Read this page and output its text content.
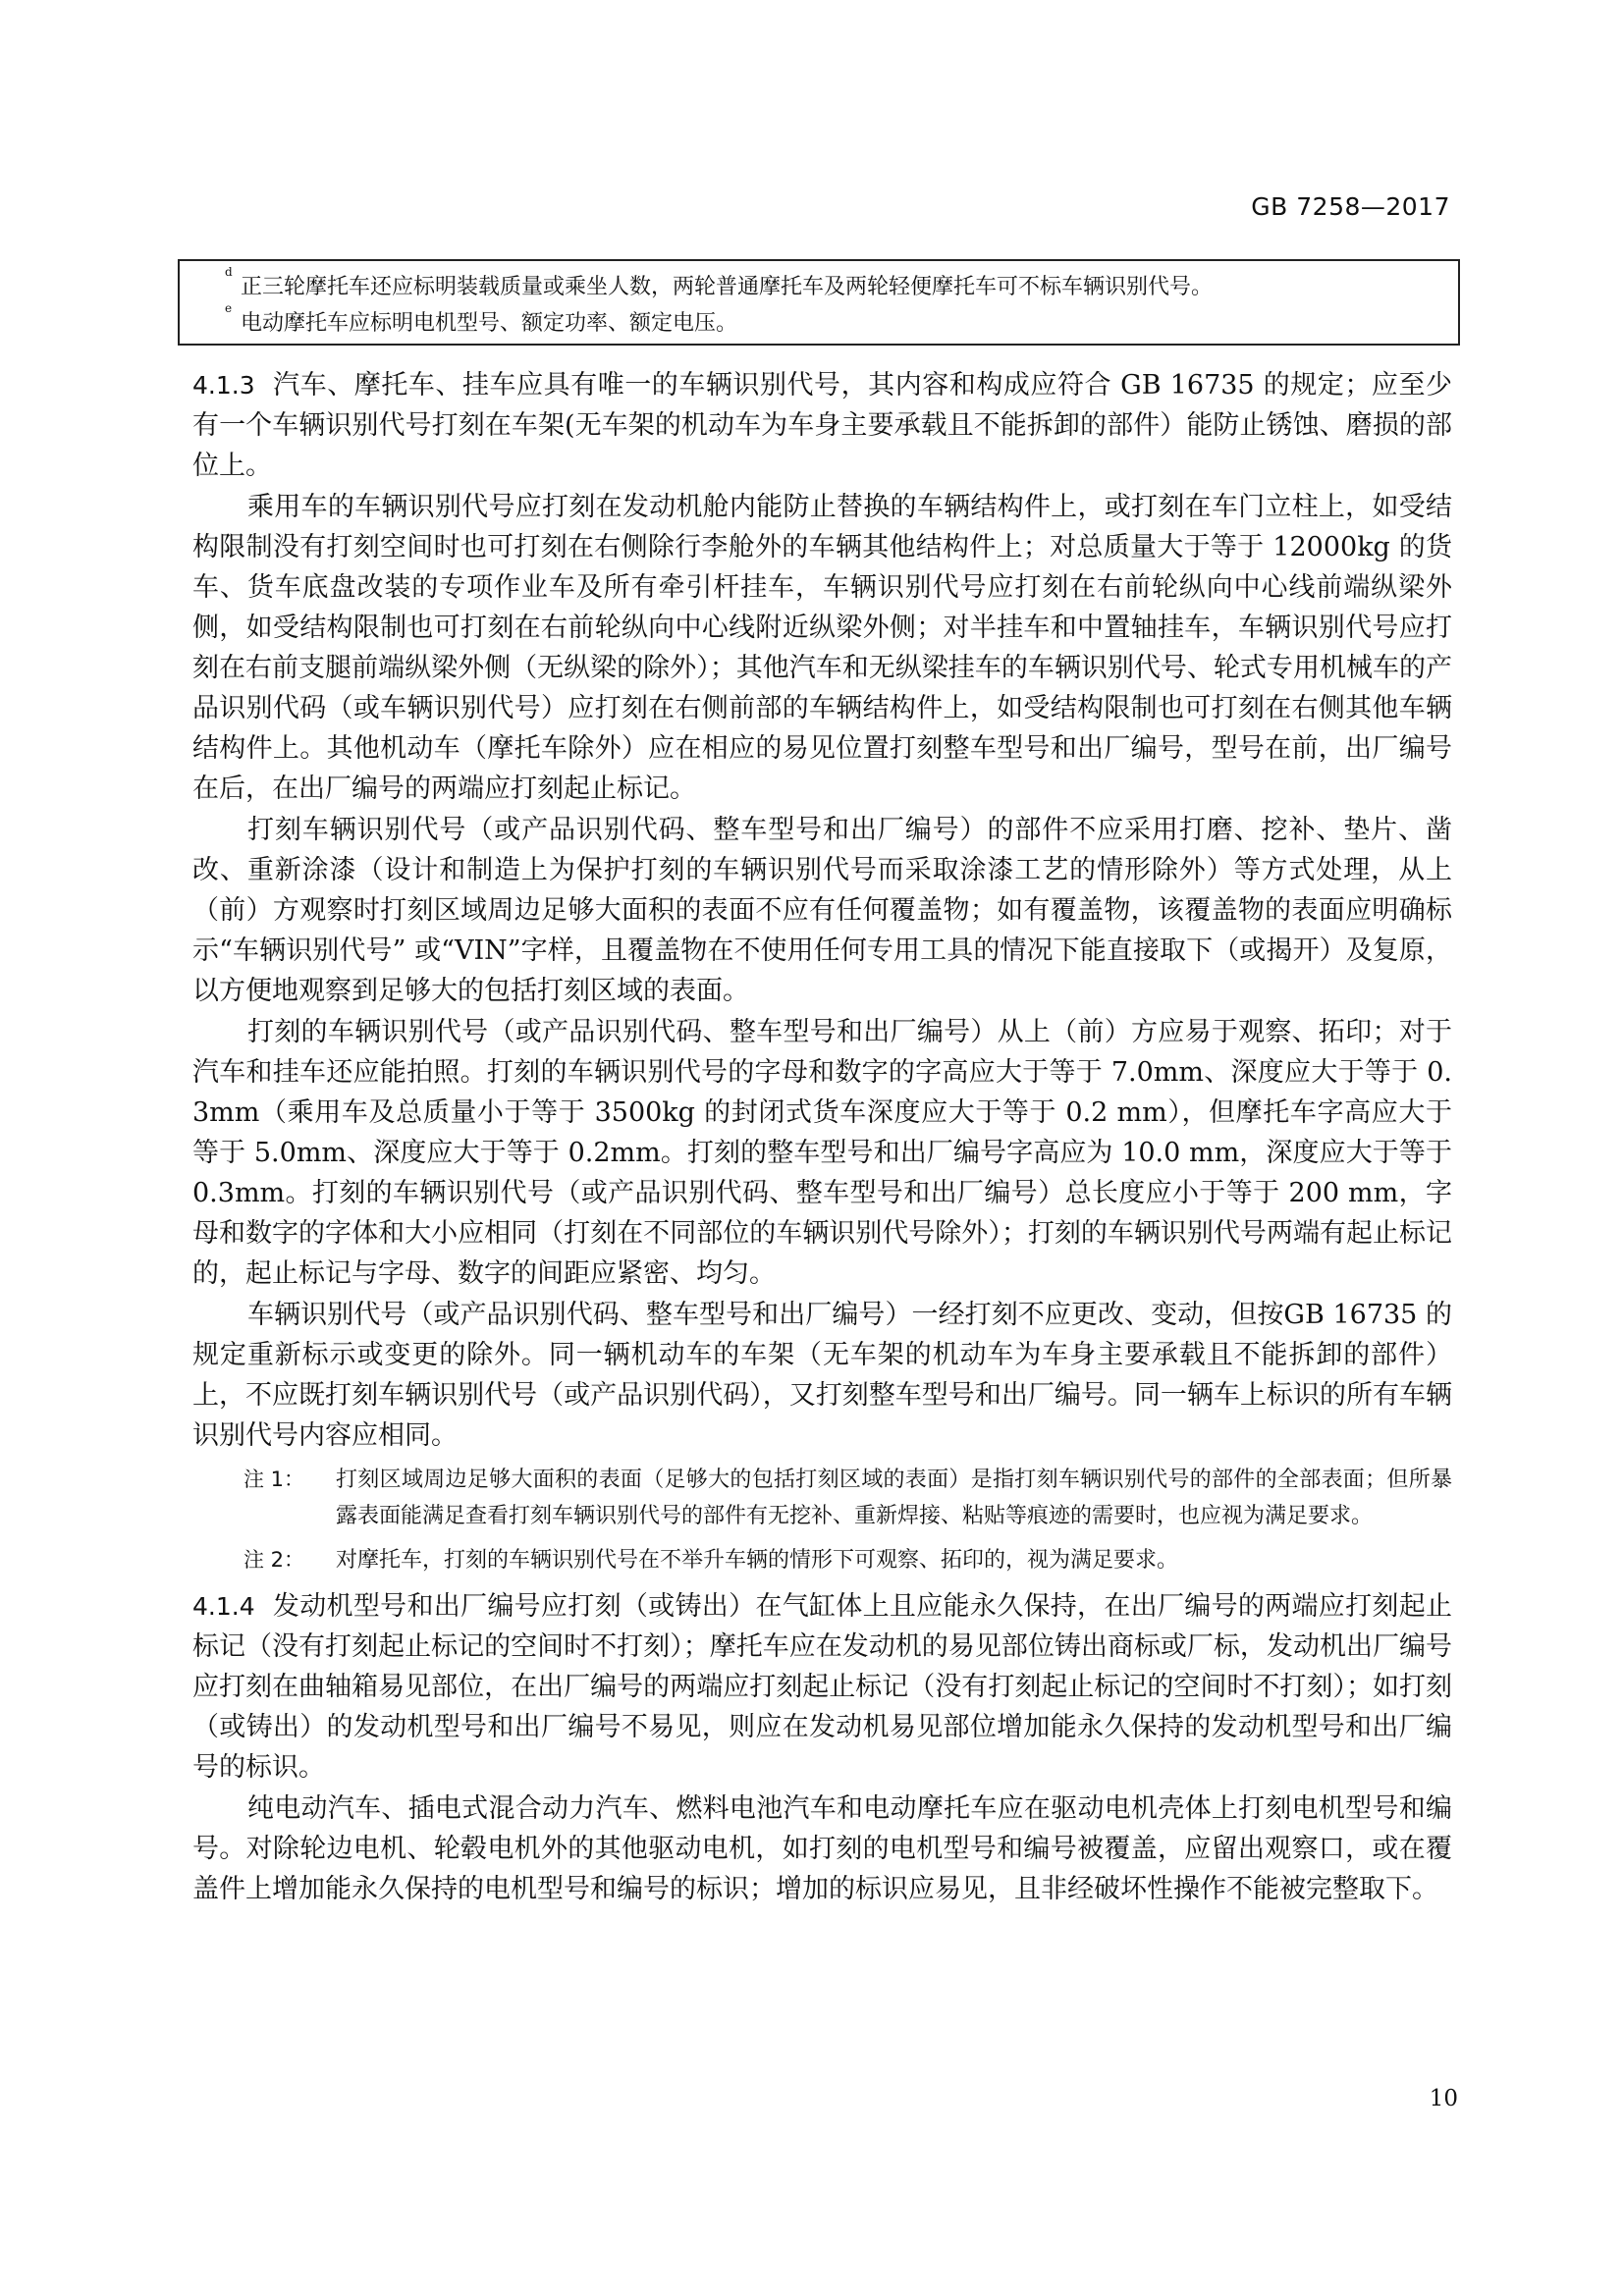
GB 7258—2017
d
正三轮摩托车还应标明装载质量或乘坐人数，两轮普通摩托车及两轮轻便摩托车可不标车辆识别代号。
e
电动摩托车应标明电机型号、额定功率、额定电压。

4.1.3 汽车、摩托车、挂车应具有唯一的车辆识别代号，其内容和构成应符合 GB 16735 的规定；应至少有一个车辆识别代号打刻在车架(无车架的机动车为车身主要承载且不能拆卸的部件）能防止锈蚀、磨损的部位上。

乘用车的车辆识别代号应打刻在发动机舱内能防止替换的车辆结构件上，或打刻在车门立柱上，如受结构限制没有打刻空间时也可打刻在右侧除行李舱外的车辆其他结构件上；对总质量大于等于 12000kg 的货车、货车底盘改装的专项作业车及所有牵引杆挂车，车辆识别代号应打刻在右前轮纵向中心线前端纵梁外侧，如受结构限制也可打刻在右前轮纵向中心线附近纵梁外侧；对半挂车和中置轴挂车，车辆识别代号应打刻在右前支腿前端纵梁外侧（无纵梁的除外）；其他汽车和无纵梁挂车的车辆识别代号、轮式专用机械车的产品识别代码（或车辆识别代号）应打刻在右侧前部的车辆结构件上，如受结构限制也可打刻在右侧其他车辆结构件上。其他机动车（摩托车除外）应在相应的易见位置打刻整车型号和出厂编号，型号在前，出厂编号在后，在出厂编号的两端应打刻起止标记。

打刻车辆识别代号（或产品识别代码、整车型号和出厂编号）的部件不应采用打磨、挖补、垫片、凿改、重新涂漆（设计和制造上为保护打刻的车辆识别代号而采取涂漆工艺的情形除外）等方式处理，从上（前）方观察时打刻区域周边足够大面积的表面不应有任何覆盖物；如有覆盖物，该覆盖物的表面应明确标示“车辆识别代号” 或“VIN”字样，且覆盖物在不使用任何专用工具的情况下能直接取下（或揭开）及复原，以方便地观察到足够大的包括打刻区域的表面。

打刻的车辆识别代号（或产品识别代码、整车型号和出厂编号）从上（前）方应易于观察、拓印；对于汽车和挂车还应能拍照。打刻的车辆识别代号的字母和数字的字高应大于等于 7.0mm、深度应大于等于 0.3mm（乘用车及总质量小于等于 3500kg 的封闭式货车深度应大于等于 0.2 mm），但摩托车字高应大于等于 5.0mm、深度应大于等于 0.2mm。打刻的整车型号和出厂编号字高应为 10.0 mm，深度应大于等于 0.3mm。打刻的车辆识别代号（或产品识别代码、整车型号和出厂编号）总长度应小于等于 200 mm，字母和数字的字体和大小应相同（打刻在不同部位的车辆识别代号除外）；打刻的车辆识别代号两端有起止标记的，起止标记与字母、数字的间距应紧密、均匀。

车辆识别代号（或产品识别代码、整车型号和出厂编号）一经打刻不应更改、变动，但按GB 16735 的规定重新标示或变更的除外。同一辆机动车的车架（无车架的机动车为车身主要承载且不能拆卸的部件）上，不应既打刻车辆识别代号（或产品识别代码），又打刻整车型号和出厂编号。同一辆车上标识的所有车辆识别代号内容应相同。

注 1： 打刻区域周边足够大面积的表面（足够大的包括打刻区域的表面）是指打刻车辆识别代号的部件的全部表面；但所暴露表面能满足查看打刻车辆识别代号的部件有无挖补、重新焊接、粘贴等痕迹的需要时，也应视为满足要求。
注 2： 对摩托车，打刻的车辆识别代号在不举升车辆的情形下可观察、拓印的，视为满足要求。

4.1.4 发动机型号和出厂编号应打刻（或铸出）在气缸体上且应能永久保持，在出厂编号的两端应打刻起止标记（没有打刻起止标记的空间时不打刻）；摩托车应在发动机的易见部位铸出商标或厂标，发动机出厂编号应打刻在曲轴箱易见部位，在出厂编号的两端应打刻起止标记（没有打刻起止标记的空间时不打刻）；如打刻（或铸出）的发动机型号和出厂编号不易见，则应在发动机易见部位增加能永久保持的发动机型号和出厂编号的标识。

纯电动汽车、插电式混合动力汽车、燃料电池汽车和电动摩托车应在驱动电机壳体上打刻电机型号和编号。对除轮边电机、轮毂电机外的其他驱动电机，如打刻的电机型号和编号被覆盖，应留出观察口，或在覆盖件上增加能永久保持的电机型号和编号的标识；增加的标识应易见，且非经破坏性操作不能被完整取下。

10
